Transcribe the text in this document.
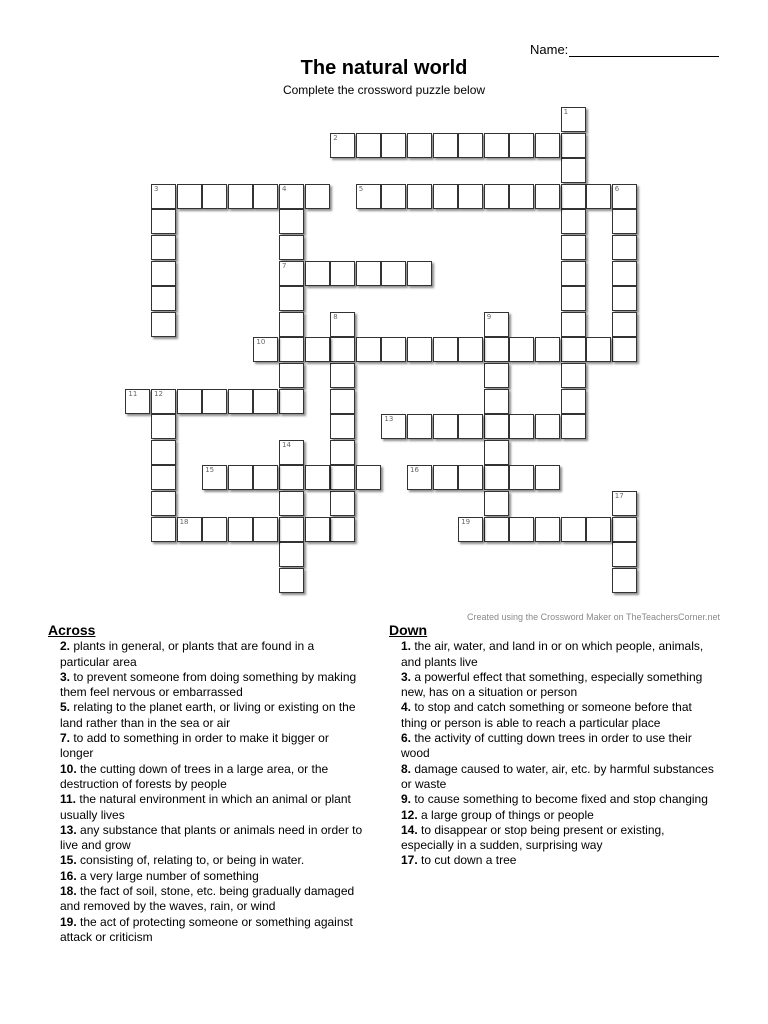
Name:
The natural world
Complete the crossword puzzle below
1
2
3	4
7
5	6
8	9
10
11 12
13
14
15	16
17
18	19
Created using the Crossword Maker on TheTeachersCorner.net
Across
2. plants in general, or plants that are found in a particular area
3. to prevent someone from doing something by making them feel nervous or embarrassed
5. relating to the planet earth, or living or existing on the land rather than in the sea or air
7. to add to something in order to make it bigger or longer
10. the cutting down of trees in a large area, or the destruction of forests by people
11. the natural environment in which an animal or plant usually lives
13. any substance that plants or animals need in order to live and grow
15. consisting of, relating to, or being in water.
16. a very large number of something
18. the fact of soil, stone, etc. being gradually damaged and removed by the waves, rain, or wind
19. the act of protecting someone or something against attack or criticism
Down
1. the air, water, and land in or on which people, animals, and plants live
3. a powerful effect that something, especially something new, has on a situation or person
4. to stop and catch something or someone before that thing or person is able to reach a particular place
6. the activity of cutting down trees in order to use their wood
8. damage caused to water, air, etc. by harmful substances or waste
9. to cause something to become fixed and stop changing
12. a large group of things or people
14. to disappear or stop being present or existing, especially in a sudden, surprising way
17. to cut down a tree
